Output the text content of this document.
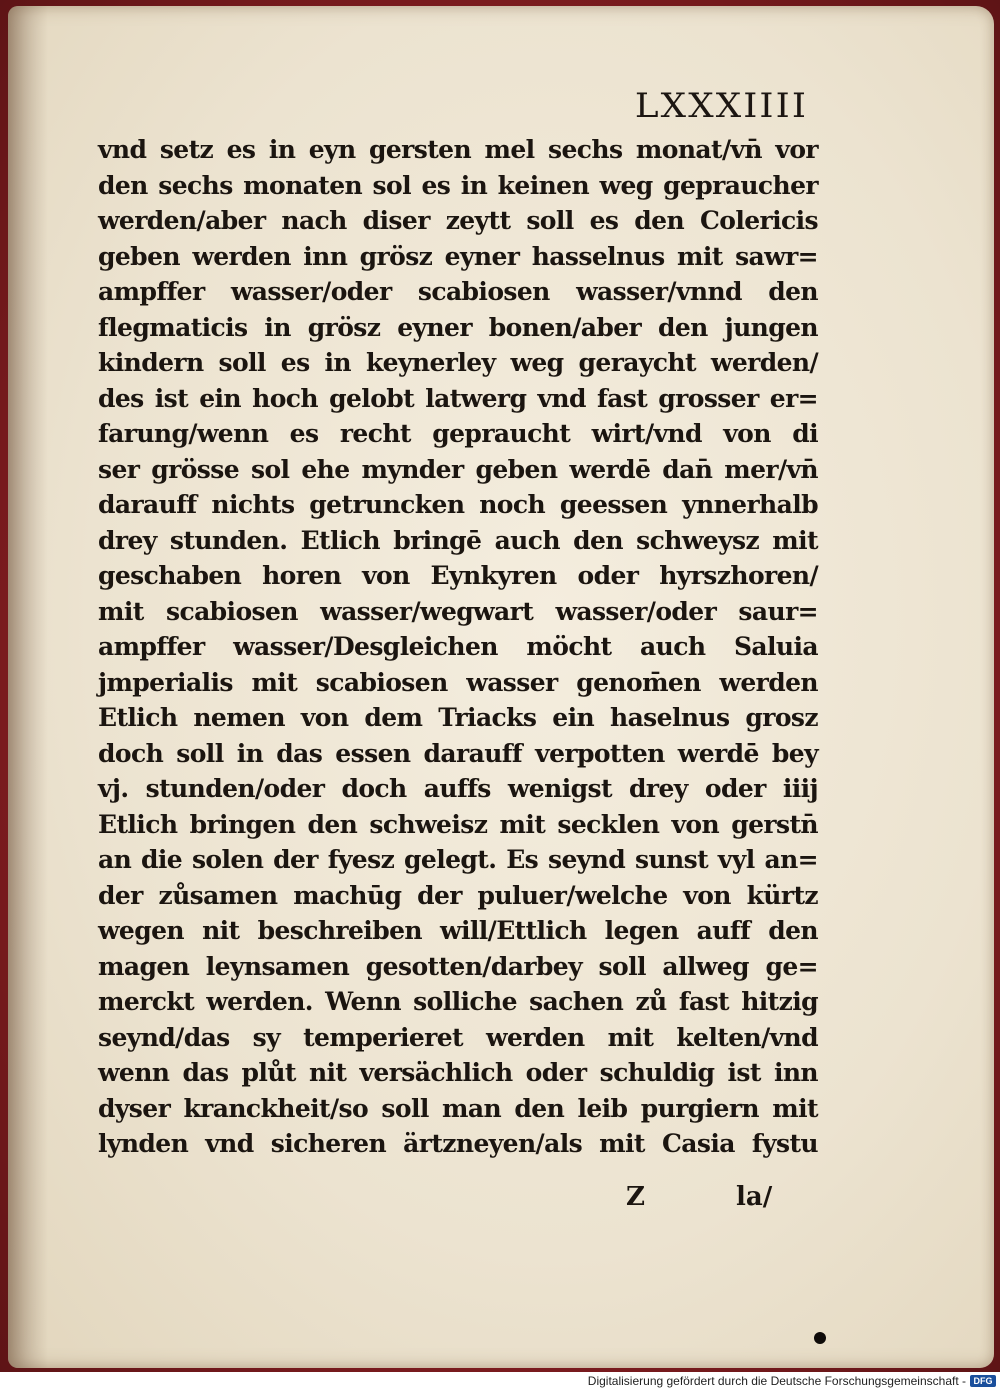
LXXXIIII
vnd setz es in eyn gersten mel sechs monat/vn̄ vor
den sechs monaten sol es in keinen weg gepraucher
werden/aber nach diser zeytt soll es den Colericis
geben werden inn grösz eyner hasselnus mit sawr=
ampffer wasser/oder scabiosen wasser/vnnd den
flegmaticis in grösz eyner bonen/aber den jungen
kindern soll es in keynerley weg geraycht werden/
des ist ein hoch gelobt latwerg vnd fast grosser er=
farung/wenn es recht gepraucht wirt/vnd von di
ser grösse sol ehe mynder geben werdē dan̄ mer/vn̄
darauff nichts getruncken noch geessen ynnerhalb
drey stunden. Etlich bringē auch den schweysz mit
geschaben horen von Eynkyren oder hyrszhoren/
mit scabiosen wasser/wegwart wasser/oder saur=
ampffer wasser/Desgleichen möcht auch Saluia
jmperialis mit scabiosen wasser genom̄en werden
Etlich nemen von dem Triacks ein haselnus grosz
doch soll in das essen darauff verpotten werdē bey
vj. stunden/oder doch auffs wenigst drey oder iiij
Etlich bringen den schweisz mit secklen von gerstn̄
an die solen der fyesz gelegt. Es seynd sunst vyl an=
der zůsamen machūg der puluer/welche von kürtz
wegen nit beschreiben will/Ettlich legen auff den
magen leynsamen gesotten/darbey soll allweg ge=
merckt werden. Wenn solliche sachen zů fast hitzig
seynd/das sy temperieret werden mit kelten/vnd
wenn das plůt nit versächlich oder schuldig ist inn
dyser kranckheit/so soll man den leib purgiern mit
lynden vnd sicheren ärtzneyen/als mit Casia fystu
Z	la/
Digitalisierung gefördert durch die Deutsche Forschungsgemeinschaft - DFG
